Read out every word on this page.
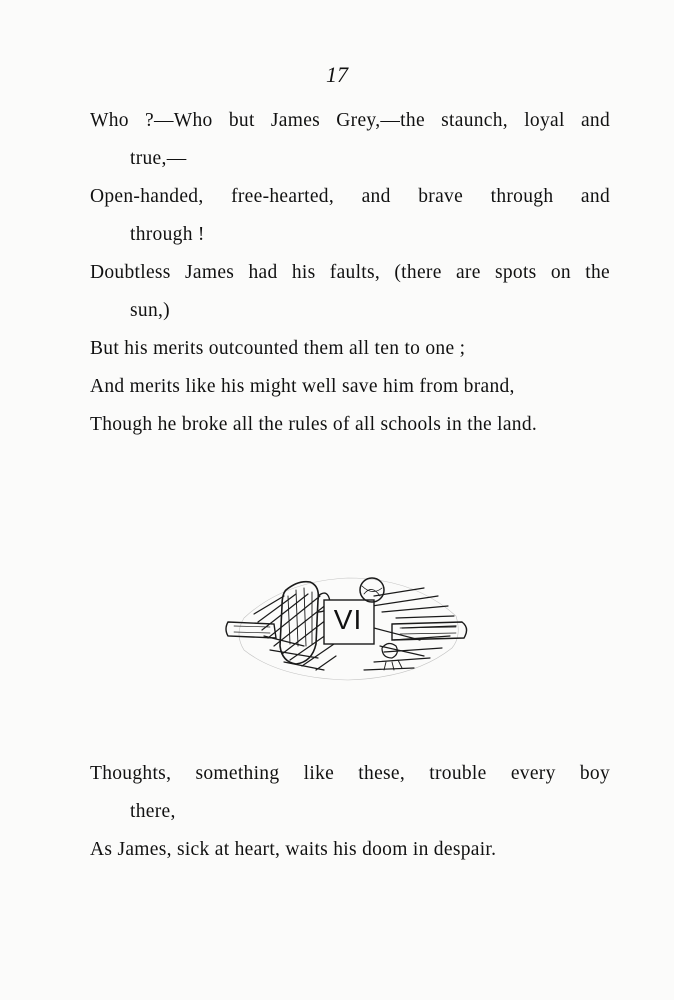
17
Who ?—Who but James Grey,—the staunch, loyal and
true,—
Open-handed, free-hearted, and brave through and
through !
Doubtless James had his faults, (there are spots on the
sun,)
But his merits outcounted them all ten to one ;
And merits like his might well save him from brand,
Though he broke all the rules of all schools in the land.
VI
Thoughts, something like these, trouble every boy
there,
As James, sick at heart, waits his doom in despair.
